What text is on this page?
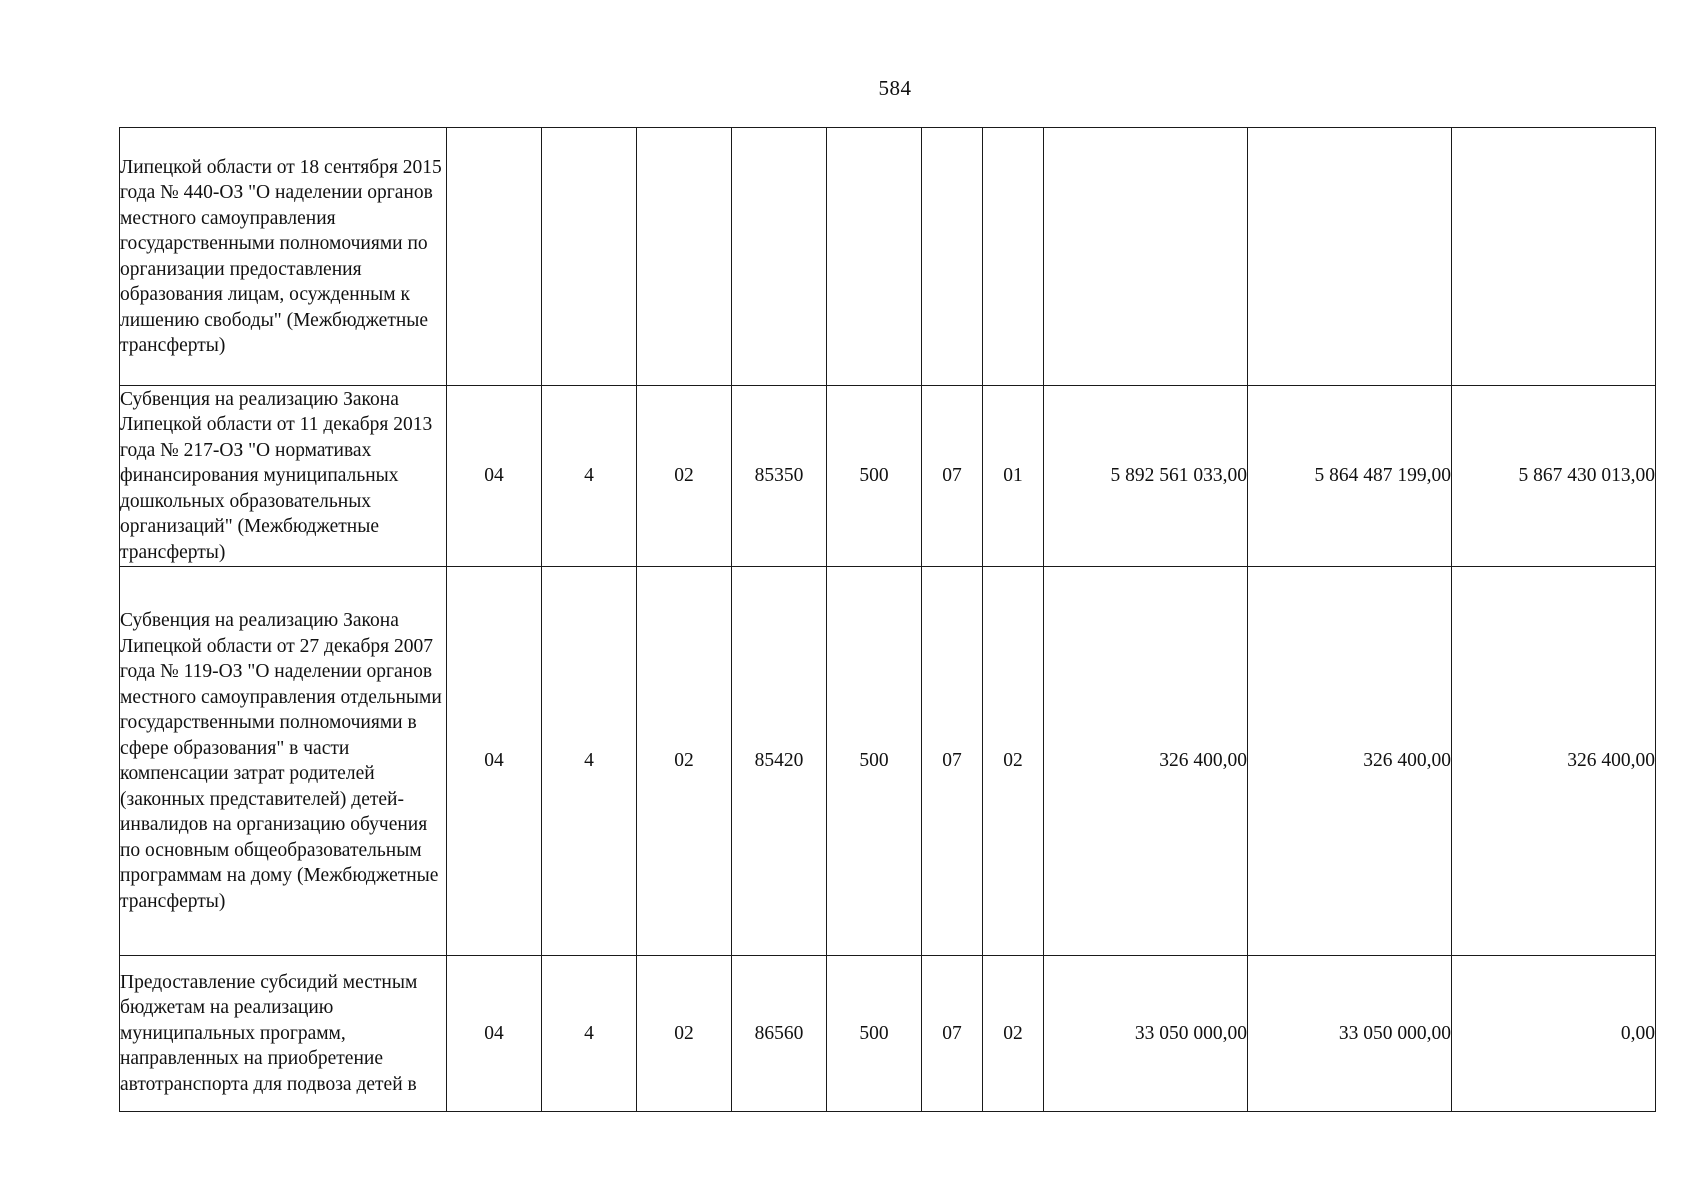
584
Липецкой области от 18 сентября 2015 года № 440-ОЗ "О наделении органов местного самоуправления государственными полномочиями по организации предоставления образования лицам, осужденным к лишению свободы" (Межбюджетные трансферты)										
Субвенция на реализацию Закона Липецкой области от 11 декабря 2013 года № 217-ОЗ "О нормативах финансирования муниципальных дошкольных образовательных организаций" (Межбюджетные трансферты)	04	4	02	85350	500	07	01	5 892 561 033,00	5 864 487 199,00	5 867 430 013,00
Субвенция на реализацию Закона Липецкой области от 27 декабря 2007 года № 119-ОЗ "О наделении органов местного самоуправления отдельными государственными полномочиями в сфере образования" в части компенсации затрат родителей (законных представителей) детей-инвалидов на организацию обучения по основным общеобразовательным программам на дому (Межбюджетные трансферты)	04	4	02	85420	500	07	02	326 400,00	326 400,00	326 400,00
Предоставление субсидий местным бюджетам на реализацию муниципальных программ, направленных на приобретение автотранспорта для подвоза детей в	04	4	02	86560	500	07	02	33 050 000,00	33 050 000,00	0,00
